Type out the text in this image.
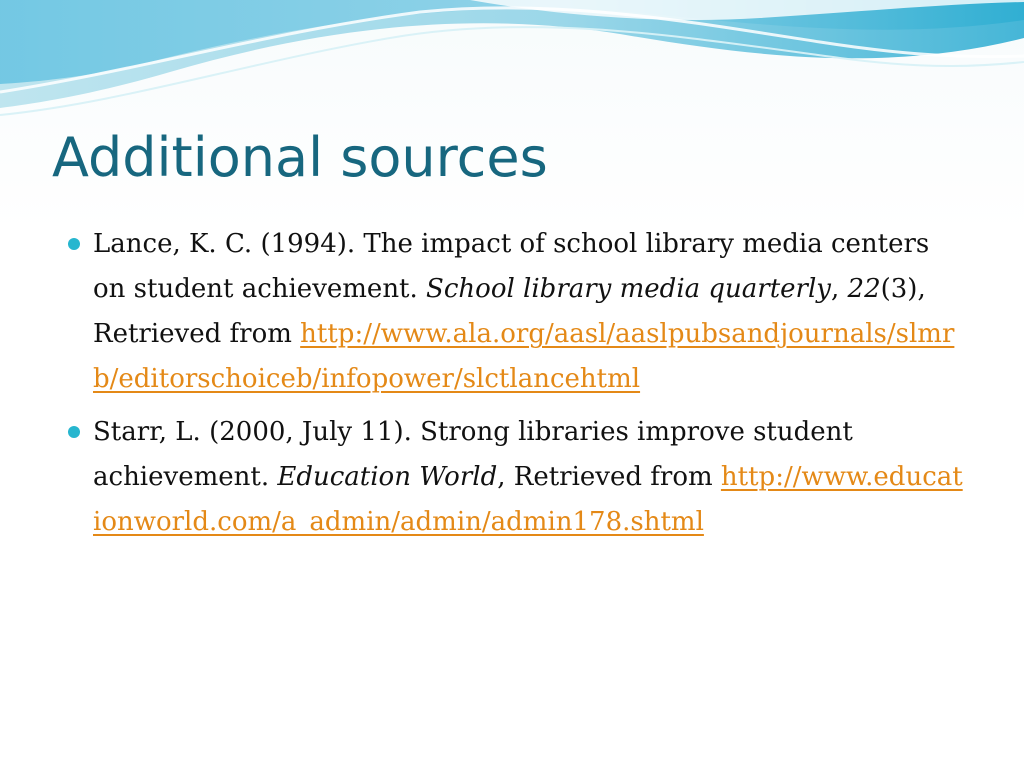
Additional sources
Lance, K. C. (1994). The impact of school library media centers on student achievement. School library media quarterly, 22(3), Retrieved from http://www.ala.org/aasl/aaslpubsandjournals/slmrb/editorschoiceb/infopower/slctlancehtml
Starr, L. (2000, July 11). Strong libraries improve student achievement. Education World, Retrieved from http://www.educationworld.com/a_admin/admin/admin178.shtml
